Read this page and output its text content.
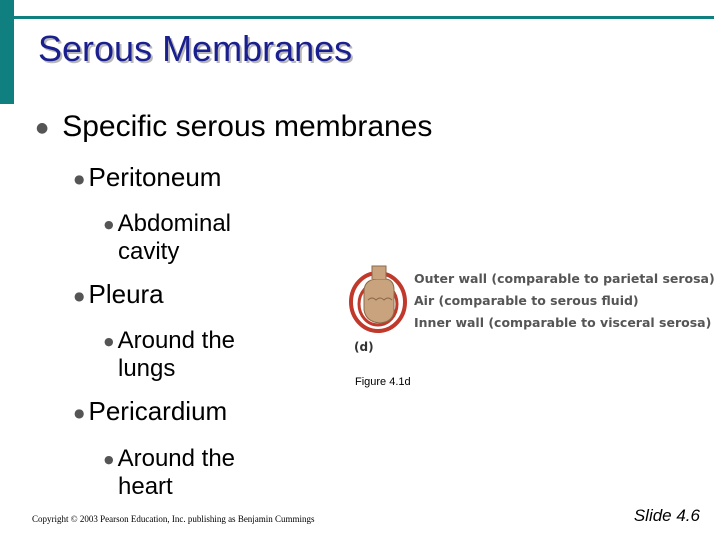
Serous Membranes
● Specific serous membranes
● Peritoneum
● Abdominal
cavity
● Pleura
● Around the
lungs
● Pericardium
● Around the
heart
Outer wall (comparable to parietal serosa)
Air (comparable to serous fluid)
Inner wall (comparable to visceral serosa)
(d)
Figure 4.1d
Copyright © 2003 Pearson Education, Inc. publishing as Benjamin Cummings	Slide 4.6
